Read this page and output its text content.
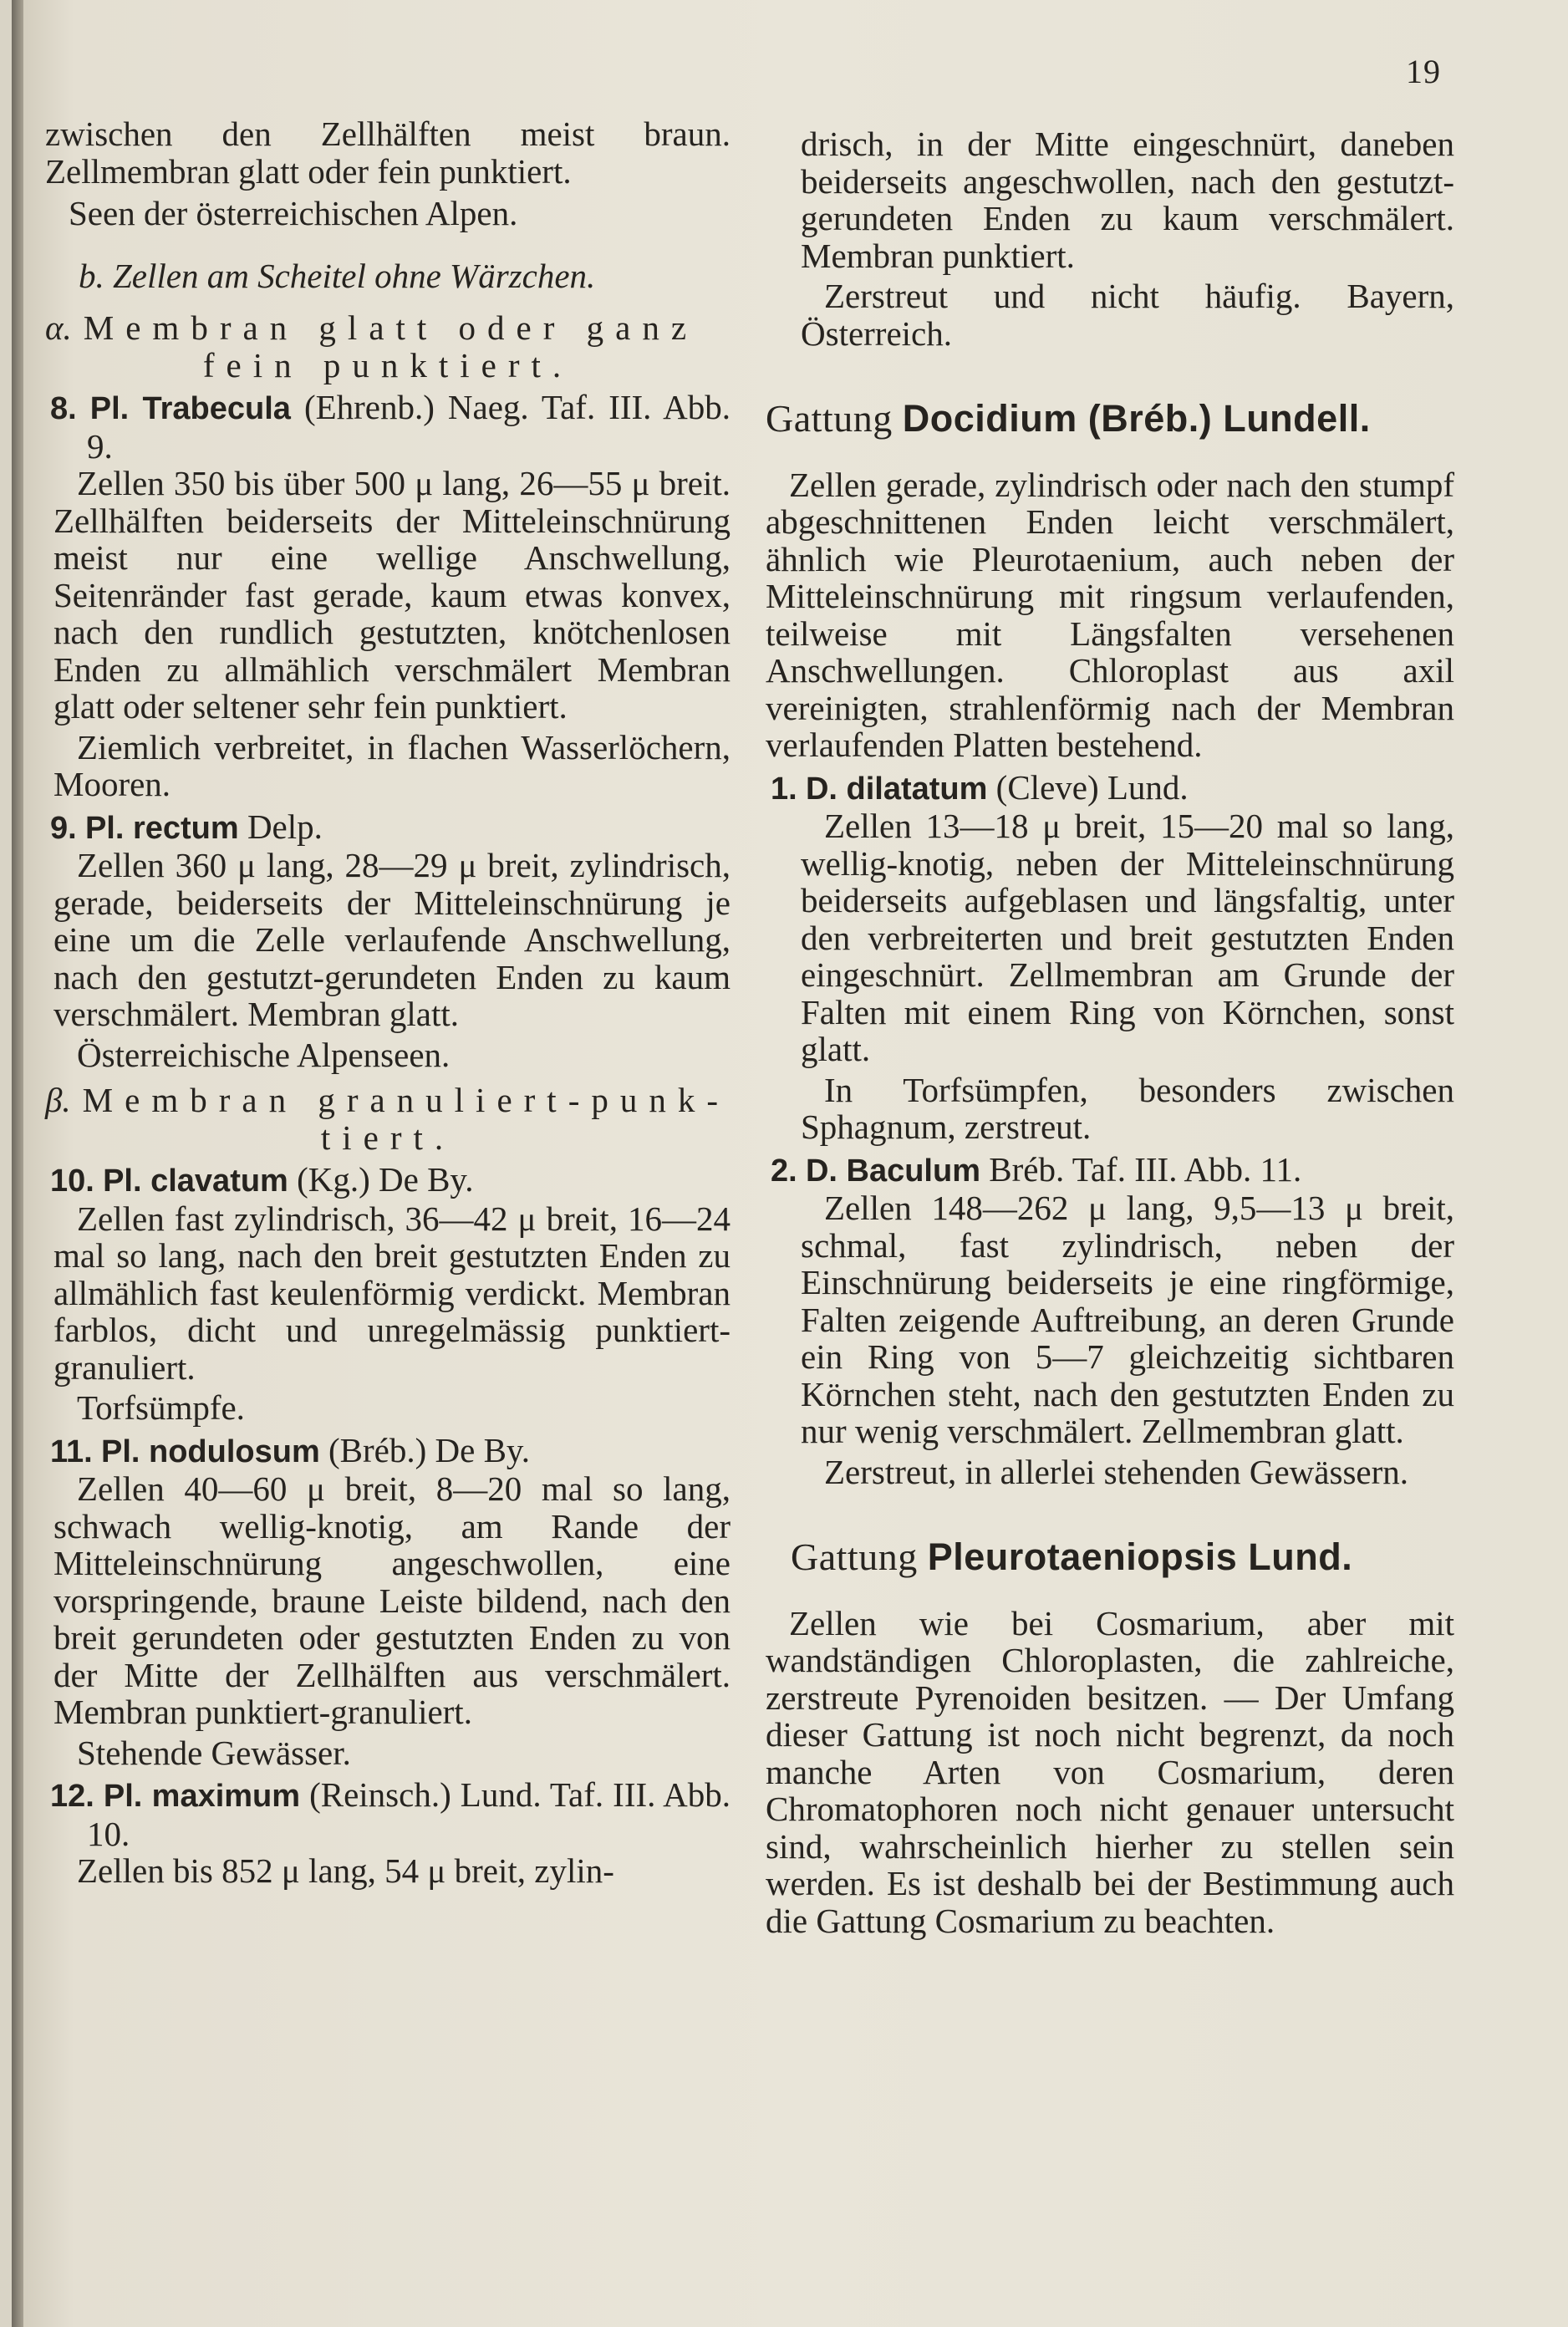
19

zwischen den Zellhälften meist braun. Zellmembran glatt oder fein punktiert.

Seen der österreichischen Alpen.

b. Zellen am Scheitel ohne Wärzchen.

α. Membran glatt oder ganz
fein punktiert.

8. Pl. Trabecula (Ehrenb.) Naeg. Taf. III. Abb. 9.

Zellen 350 bis über 500 μ lang, 26—55 μ breit. Zellhälften beiderseits der Mitteleinschnürung meist nur eine wellige Anschwellung, Seitenränder fast gerade, kaum etwas konvex, nach den rundlich gestutzten, knötchenlosen Enden zu allmählich verschmälert Membran glatt oder seltener sehr fein punktiert.

Ziemlich verbreitet, in flachen Wasserlöchern, Mooren.

9. Pl. rectum Delp.

Zellen 360 μ lang, 28—29 μ breit, zylindrisch, gerade, beiderseits der Mitteleinschnürung je eine um die Zelle verlaufende Anschwellung, nach den gestutzt-gerundeten Enden zu kaum verschmälert. Membran glatt.

Österreichische Alpenseen.

β. Membran granuliert-punk-
tiert.

10. Pl. clavatum (Kg.) De By.

Zellen fast zylindrisch, 36—42 μ breit, 16—24 mal so lang, nach den breit gestutzten Enden zu allmählich fast keulenförmig verdickt. Membran farblos, dicht und unregelmässig punktiert-granuliert.

Torfsümpfe.

11. Pl. nodulosum (Bréb.) De By.

Zellen 40—60 μ breit, 8—20 mal so lang, schwach wellig-knotig, am Rande der Mitteleinschnürung angeschwollen, eine vorspringende, braune Leiste bildend, nach den breit gerundeten oder gestutzten Enden zu von der Mitte der Zellhälften aus verschmälert. Membran punktiert-granuliert.

Stehende Gewässer.

12. Pl. maximum (Reinsch.) Lund. Taf. III. Abb. 10.

Zellen bis 852 μ lang, 54 μ breit, zylin-

drisch, in der Mitte eingeschnürt, daneben beiderseits angeschwollen, nach den gestutzt-gerundeten Enden zu kaum verschmälert. Membran punktiert.

Zerstreut und nicht häufig. Bayern, Österreich.

Gattung Docidium (Bréb.) Lundell.

Zellen gerade, zylindrisch oder nach den stumpf abgeschnittenen Enden leicht verschmälert, ähnlich wie Pleurotaenium, auch neben der Mitteleinschnürung mit ringsum verlaufenden, teilweise mit Längsfalten versehenen Anschwellungen. Chloroplast aus axil vereinigten, strahlenförmig nach der Membran verlaufenden Platten bestehend.

1. D. dilatatum (Cleve) Lund.

Zellen 13—18 μ breit, 15—20 mal so lang, wellig-knotig, neben der Mitteleinschnürung beiderseits aufgeblasen und längsfaltig, unter den verbreiterten und breit gestutzten Enden eingeschnürt. Zellmembran am Grunde der Falten mit einem Ring von Körnchen, sonst glatt.

In Torfsümpfen, besonders zwischen Sphagnum, zerstreut.

2. D. Baculum Bréb. Taf. III. Abb. 11.

Zellen 148—262 μ lang, 9,5—13 μ breit, schmal, fast zylindrisch, neben der Einschnürung beiderseits je eine ringförmige, Falten zeigende Auftreibung, an deren Grunde ein Ring von 5—7 gleichzeitig sichtbaren Körnchen steht, nach den gestutzten Enden zu nur wenig verschmälert. Zellmembran glatt.

Zerstreut, in allerlei stehenden Gewässern.

Gattung Pleurotaeniopsis Lund.

Zellen wie bei Cosmarium, aber mit wandständigen Chloroplasten, die zahlreiche, zerstreute Pyrenoiden besitzen. — Der Umfang dieser Gattung ist noch nicht begrenzt, da noch manche Arten von Cosmarium, deren Chromatophoren noch nicht genauer untersucht sind, wahrscheinlich hierher zu stellen sein werden. Es ist deshalb bei der Bestimmung auch die Gattung Cosmarium zu beachten.
